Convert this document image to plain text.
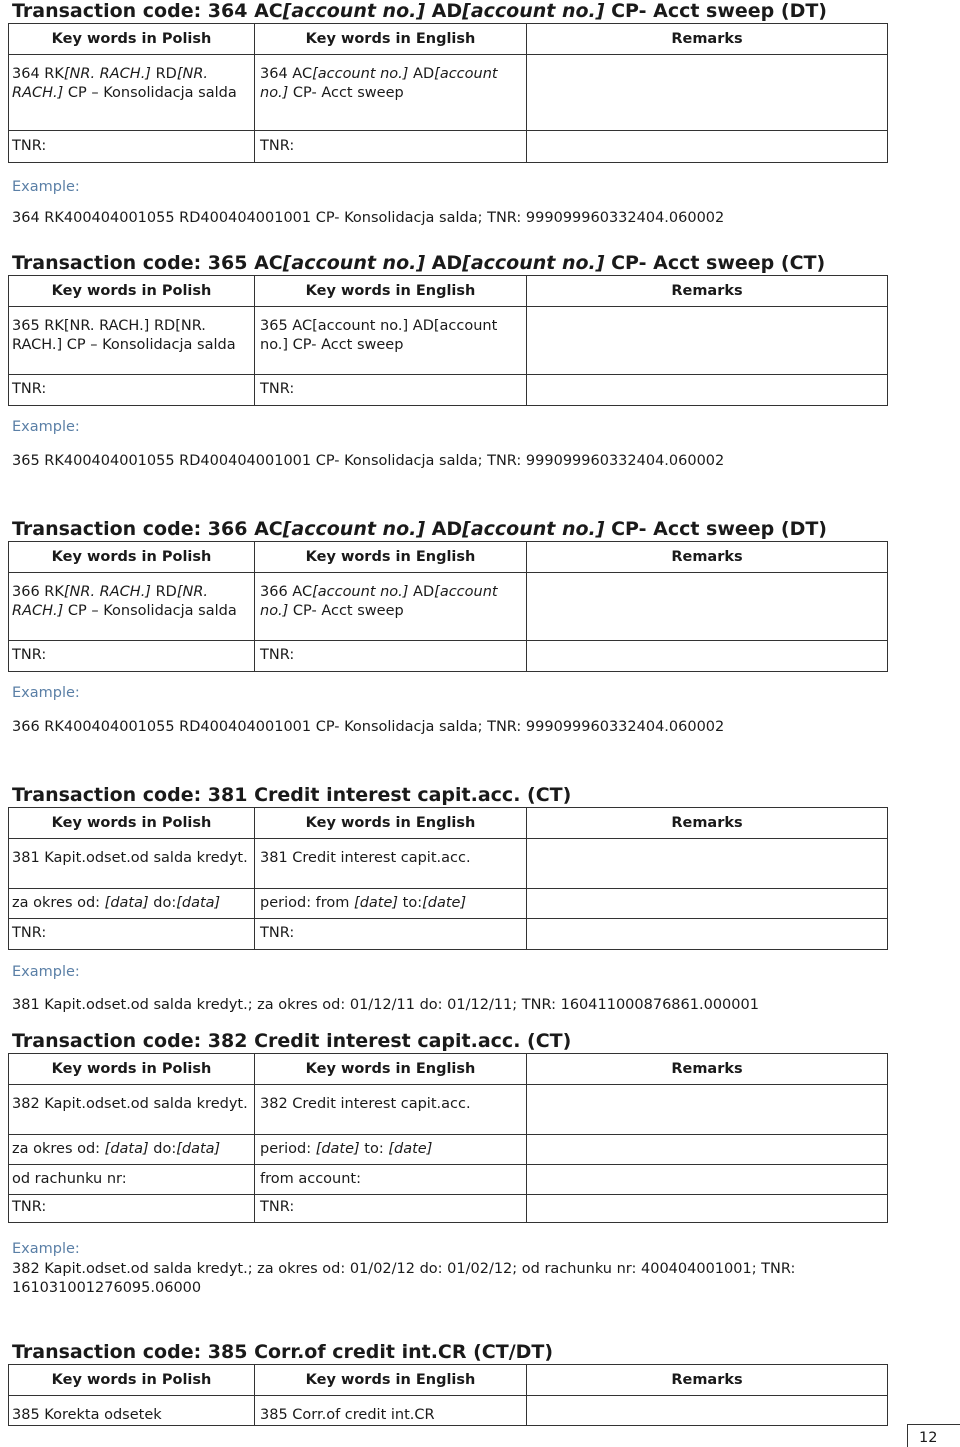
Transaction code: 364 AC[account no.] AD[account no.] CP- Acct sweep (DT)
Key words in Polish	Key words in English	Remarks
364 RK[NR. RACH.] RD[NR. RACH.] CP – Konsolidacja salda	364 AC[account no.] AD[account no.] CP- Acct sweep	
TNR:	TNR:	
Example:
364 RK400404001055 RD400404001001 CP- Konsolidacja salda; TNR: 999099960332404.060002
Transaction code: 365 AC[account no.] AD[account no.] CP- Acct sweep (CT)
Key words in Polish	Key words in English	Remarks
365 RK[NR. RACH.] RD[NR. RACH.] CP – Konsolidacja salda	365 AC[account no.] AD[account no.] CP- Acct sweep	
TNR:	TNR:	
Example:
365 RK400404001055 RD400404001001 CP- Konsolidacja salda; TNR: 999099960332404.060002
Transaction code: 366 AC[account no.] AD[account no.] CP- Acct sweep (DT)
Key words in Polish	Key words in English	Remarks
366 RK[NR. RACH.] RD[NR. RACH.] CP – Konsolidacja salda	366 AC[account no.] AD[account no.] CP- Acct sweep	
TNR:	TNR:	
Example:
366 RK400404001055 RD400404001001 CP- Konsolidacja salda; TNR: 999099960332404.060002
Transaction code: 381 Credit interest capit.acc. (CT)
Key words in Polish	Key words in English	Remarks
381 Kapit.odset.od salda kredyt.	381 Credit interest capit.acc.	
za okres od: [data] do:[data]	period: from [date] to:[date]	
TNR:	TNR:	
Example:
381 Kapit.odset.od salda kredyt.; za okres od: 01/12/11 do: 01/12/11; TNR: 160411000876861.000001
Transaction code: 382 Credit interest capit.acc. (CT)
Key words in Polish	Key words in English	Remarks
382 Kapit.odset.od salda kredyt.	382 Credit interest capit.acc.	
za okres od: [data] do:[data]	period: [date] to: [date]	
od rachunku nr:	from account:	
TNR:	TNR:	
Example:
382 Kapit.odset.od salda kredyt.; za okres od: 01/02/12 do: 01/02/12; od rachunku nr: 400404001001; TNR:
161031001276095.06000
Transaction code: 385 Corr.of credit int.CR (CT/DT)
Key words in Polish	Key words in English	Remarks
385 Korekta odsetek	385 Corr.of credit int.CR	
12
